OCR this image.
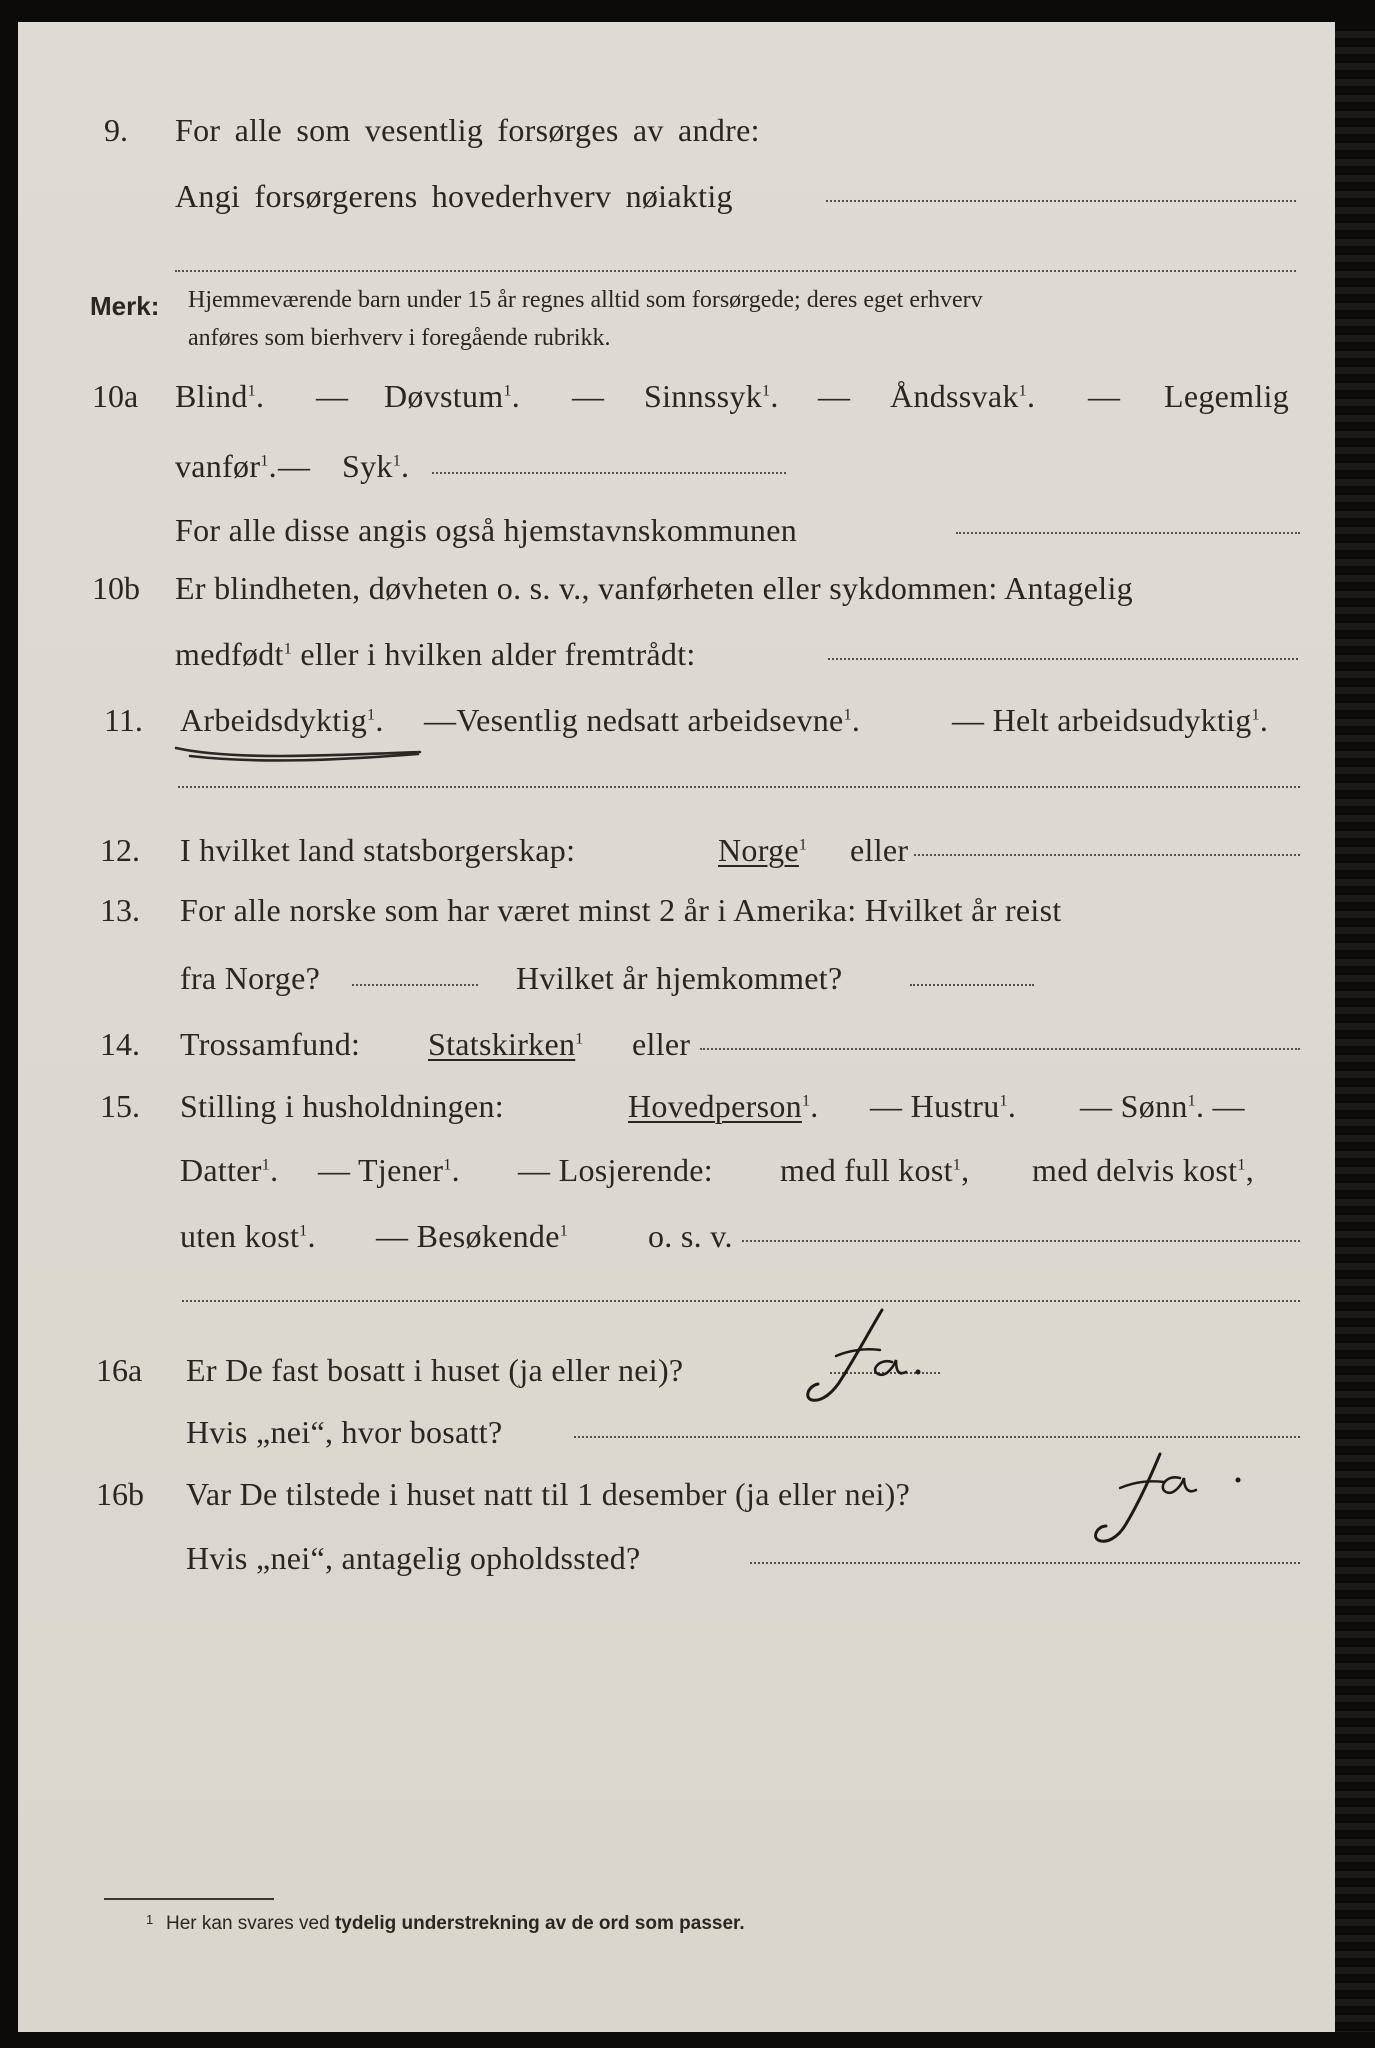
9. For alle som vesentlig forsørges av andre:
Angi forsørgerens hovederhverv nøiaktig
Merk: Hjemmeværende barn under 15 år regnes alltid som forsørgede; deres eget erhverv
anføres som bierhverv i foregående rubrikk.
10a Blind$^1$. — Døvstum$^1$. — Sinnssyk$^1$. — Åndssvak$^1$. — Legemlig
vanfør$^1$. — Syk$^1$.
For alle disse angis også hjemstavnskommunen
10b Er blindheten, døvheten o. s. v., vanførheten eller sykdommen: Antagelig
medfødt$^1$ eller i hvilken alder fremtrådt:
11. Arbeidsdyktig$^1$. —Vesentlig nedsatt arbeidsevne$^1$.	— Helt arbeidsudyktig$^1$.
12. I hvilket land statsborgerskap:	Norge$^1$ eller
13. For alle norske som har været minst 2 år i Amerika: Hvilket år reist
fra Norge?	Hvilket år hjemkommet?
14. Trossamfund: Statskirken$^1$ eller
15. Stilling i husholdningen:	Hovedperson$^1$. — Hustru$^1$. — Sønn$^1$. —
Datter$^1$. — Tjener$^1$. — Losjerende: med full kost$^1$, med delvis kost$^1$,
uten kost$^1$. — Besøkende$^1$ o. s. v.
16a Er De fast bosatt i huset (ja eller nei)?
Ja.
Hvis „nei“, hvor bosatt?
16b Var De tilstede i huset natt til 1 desember (ja eller nei)?
Ja.
Hvis „nei“, antagelig opholdssted?
1 Her kan svares ved tydelig understrekning av de ord som passer.
